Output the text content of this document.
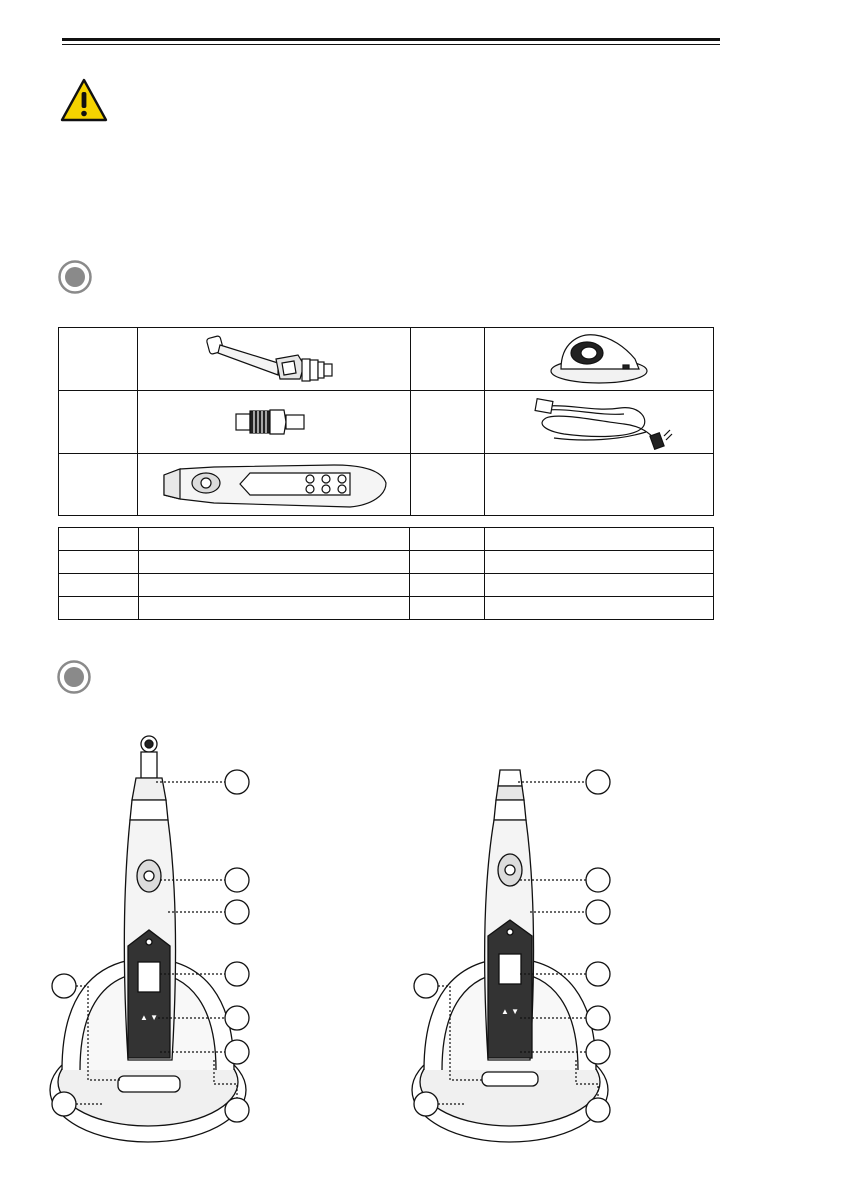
▲ ▼
▲ ▼
